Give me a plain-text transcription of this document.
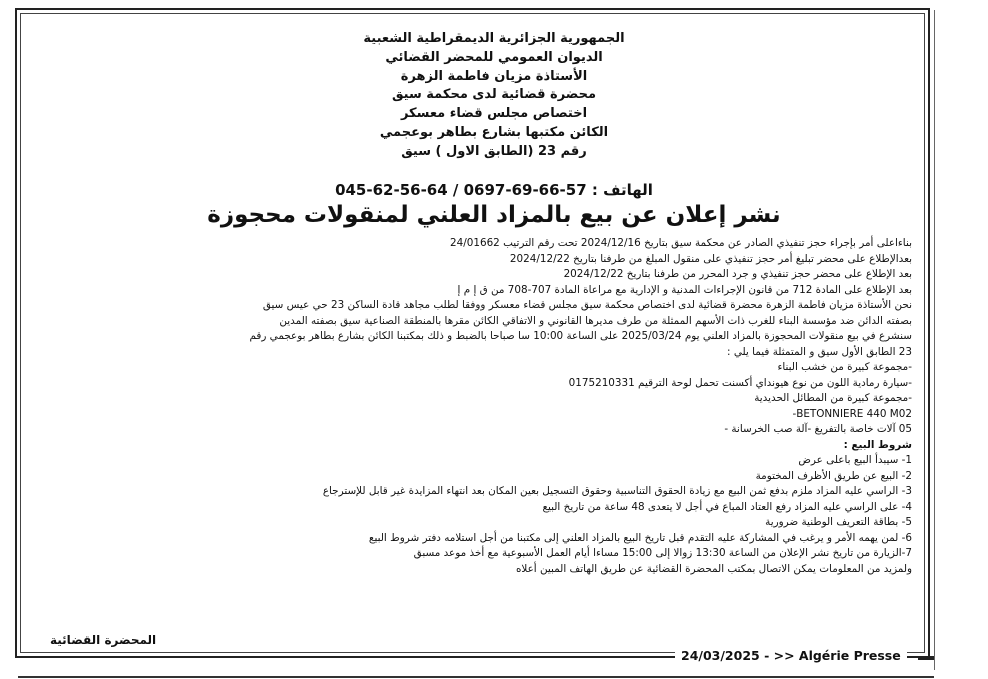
الجمهورية الجزائرية الديمقراطية الشعبية

الديوان العمومي للمحضر القضائي

الأستاذة مزيان فاطمة الزهرة

محضرة قضائية لدى محكمة سيق

اختصاص مجلس قضاء معسكر

الكائن مكتبها بشارع بطاهر بوعجمي

رقم 23 (الطابق الاول ) سيق

الهاتف : 045-62-56-64 / 0697-69-66-57
نشر إعلان عن بيع بالمزاد العلني لمنقولات محجوزة

بناءاعلى أمر بإجراء حجز تنفيذي الصادر عن محكمة سيق بتاريخ 2024/12/16 تحت رقم الترتيب 24/01662

بعدالإطلاع على محضر تبليغ أمر حجز تنفيذي على منقول المبلغ من طرفنا بتاريخ 2024/12/22

بعد الإطلاع على محضر حجز تنفيذي و جرد المحرر من طرفنا بتاريخ 2024/12/22

بعد الإطلاع على المادة 712 من قانون الإجراءات المدنية و الإدارية مع مراعاة المادة 707-708 من ق إ م إ

نحن الأستاذة مزيان فاطمة الزهرة محضرة قضائية لدى اختصاص محكمة سيق مجلس قضاء معسكر ووفقا لطلب مجاهد قادة الساكن 23 حي عيس سيق

بصفته الدائن ضد مؤسسة البناء للغرب ذات الأسهم الممثلة من طرف مديرها القانوني و الاتفاقي الكائن مقرها بالمنطقة الصناعية سيق بصفته المدين

سنشرع في بيع منقولات المحجوزة بالمزاد العلني يوم 2025/03/24 على الساعة 10:00 سا صباحا بالضبط و ذلك بمكتبنا الكائن بشارع بطاهر بوعجمي رقم

23 الطابق الأول سيق و المتمثلة فيما يلي :

-مجموعة كبيرة من خشب البناء

-سيارة رمادية اللون من نوع هيونداي أكسنت تحمل لوحة الترقيم 0175210331

-مجموعة كبيرة من المطائل الحديدية

BETONNIERE 440 M02-

05 آلات خاصة بالتفريغ -آلة صب الخرسانة -

شروط البيع :

1- سيبدأ البيع باعلى عرض

2- البيع عن طريق الأظرف المختومة

3- الراسي عليه المزاد ملزم بدفع ثمن البيع مع زيادة الحقوق التناسبية وحقوق التسجيل بعين المكان بعد انتهاء المزايدة غير قابل للإسترجاع

4- على الراسي عليه المزاد رفع العتاد المباع في أجل لا يتعدى 48 ساعة من تاريخ البيع

5- بطاقة التعريف الوطنية ضرورية

6- لمن يهمه الأمر و يرغب في المشاركة عليه التقدم قبل تاريخ البيع بالمزاد العلني إلى مكتبنا من أجل استلامه دفتر شروط البيع

7-الزيارة من تاريخ نشر الإعلان من الساعة 13:30 زوالا إلى 15:00 مساءا أيام العمل الأسبوعية مع أخذ موعد مسبق

ولمزيد من المعلومات يمكن الاتصال بمكتب المحضرة القضائية عن طريق الهاتف المبين أعلاه

المحضرة القضائية
24/03/2025 - >> Algérie Presse
